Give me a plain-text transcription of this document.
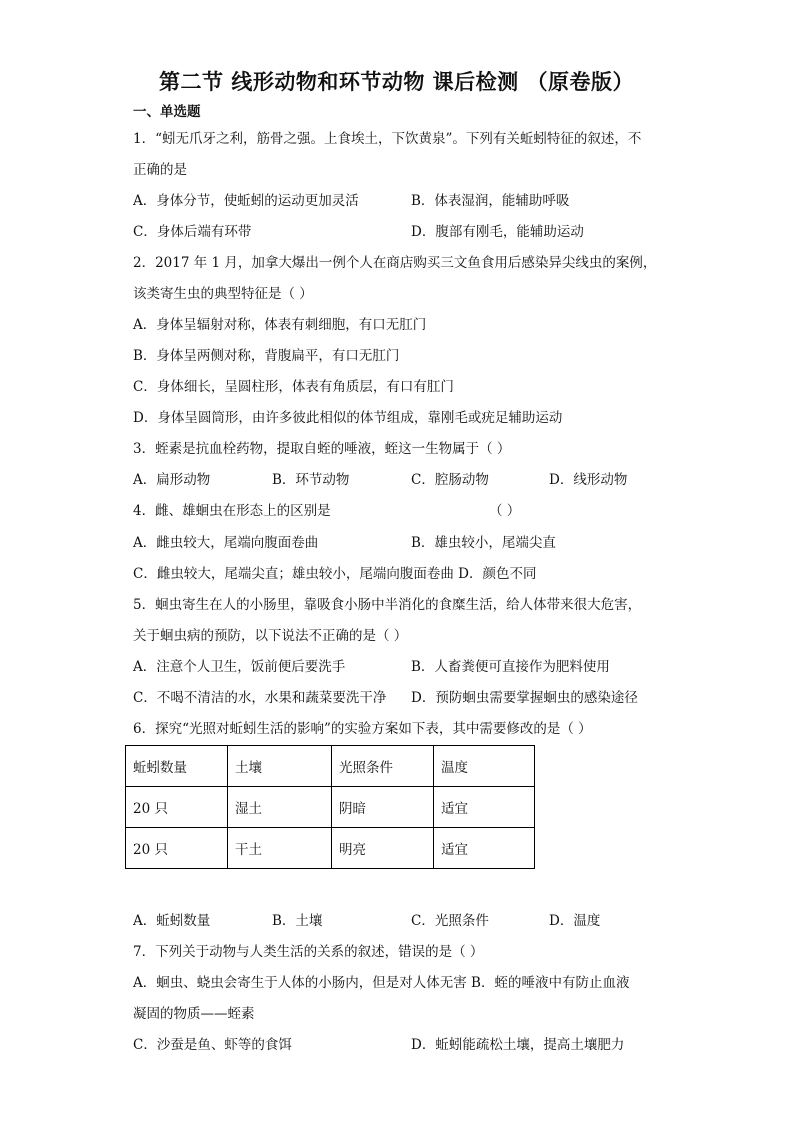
第二节 线形动物和环节动物 课后检测 （原卷版）
一、单选题
1．“蚓无爪牙之利，筋骨之强。上食埃土，下饮黄泉”。下列有关蚯蚓特征的叙述，不
正确的是
A．身体分节，使蚯蚓的运动更加灵活	B．体表湿润，能辅助呼吸
C．身体后端有环带	D．腹部有刚毛，能辅助运动
2．2017 年 1 月，加拿大爆出一例个人在商店购买三文鱼食用后感染异尖线虫的案例，
该类寄生虫的典型特征是（ ）
A．身体呈辐射对称，体表有刺细胞，有口无肛门
B．身体呈两侧对称，背腹扁平，有口无肛门
C．身体细长，呈圆柱形，体表有角质层，有口有肛门
D．身体呈圆筒形，由许多彼此相似的体节组成，靠刚毛或疣足辅助运动
3．蛭素是抗血栓药物，提取自蛭的唾液，蛭这一生物属于（ ）
A．扁形动物	B．环节动物	C．腔肠动物	D．线形动物
4．雌、雄蛔虫在形态上的区别是	（ ）
A．雌虫较大，尾端向腹面卷曲	B．雄虫较小，尾端尖直
C．雌虫较大，尾端尖直；雄虫较小，尾端向腹面卷曲 D．颜色不同
5．蛔虫寄生在人的小肠里，靠吸食小肠中半消化的食糜生活，给人体带来很大危害，
关于蛔虫病的预防，以下说法不正确的是（ ）
A．注意个人卫生，饭前便后要洗手	B．人畜粪便可直接作为肥料使用
C．不喝不清洁的水，水果和蔬菜要洗干净 D．预防蛔虫需要掌握蛔虫的感染途径
6．探究“光照对蚯蚓生活的影响”的实验方案如下表，其中需要修改的是（ ）
蚯蚓数量	土壤	光照条件	温度
20 只	湿土	阴暗	适宜
20 只	干土	明亮	适宜
A．蚯蚓数量	B．土壤	C．光照条件	D．温度
7．下列关于动物与人类生活的关系的叙述，错误的是（ ）
A．蛔虫、蛲虫会寄生于人体的小肠内，但是对人体无害 B．蛭的唾液中有防止血液
凝固的物质——蛭素
C．沙蚕是鱼、虾等的食饵	D．蚯蚓能疏松土壤，提高土壤肥力
